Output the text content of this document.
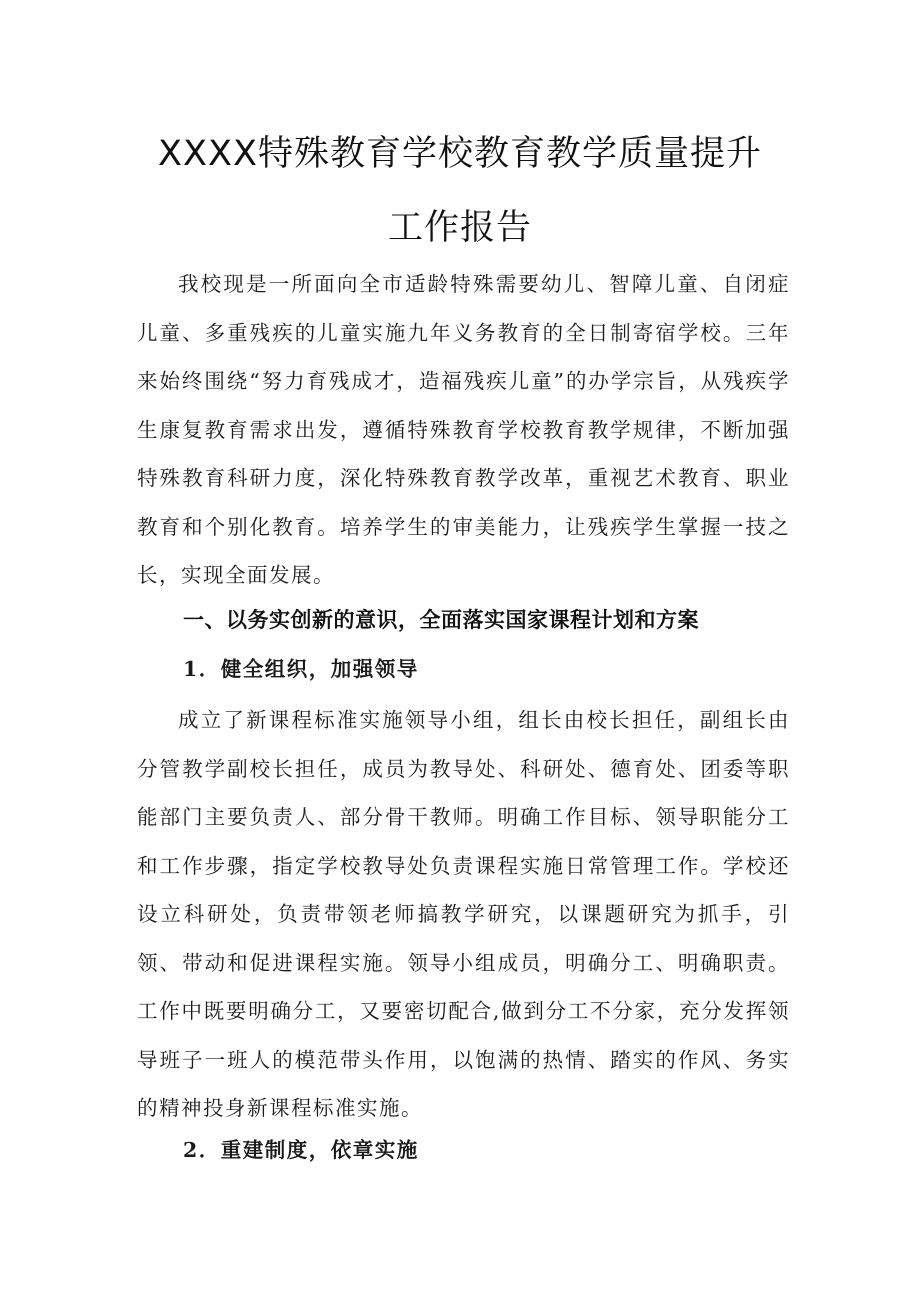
XXXX特殊教育学校教育教学质量提升
工作报告

我校现是一所面向全市适龄特殊需要幼儿、智障儿童、自闭症儿童、多重残疾的儿童实施九年义务教育的全日制寄宿学校。三年来始终围绕“努力育残成才，造福残疾儿童”的办学宗旨，从残疾学生康复教育需求出发，遵循特殊教育学校教育教学规律，不断加强特殊教育科研力度，深化特殊教育教学改革，重视艺术教育、职业教育和个别化教育。培养学生的审美能力，让残疾学生掌握一技之长，实现全面发展。

一、以务实创新的意识，全面落实国家课程计划和方案
1．健全组织，加强领导

成立了新课程标准实施领导小组，组长由校长担任，副组长由分管教学副校长担任，成员为教导处、科研处、德育处、团委等职能部门主要负责人、部分骨干教师。明确工作目标、领导职能分工和工作步骤，指定学校教导处负责课程实施日常管理工作。学校还设立科研处，负责带领老师搞教学研究，以课题研究为抓手，引领、带动和促进课程实施。领导小组成员，明确分工、明确职责。工作中既要明确分工，又要密切配合,做到分工不分家，充分发挥领导班子一班人的模范带头作用，以饱满的热情、踏实的作风、务实的精神投身新课程标准实施。

2．重建制度，依章实施
